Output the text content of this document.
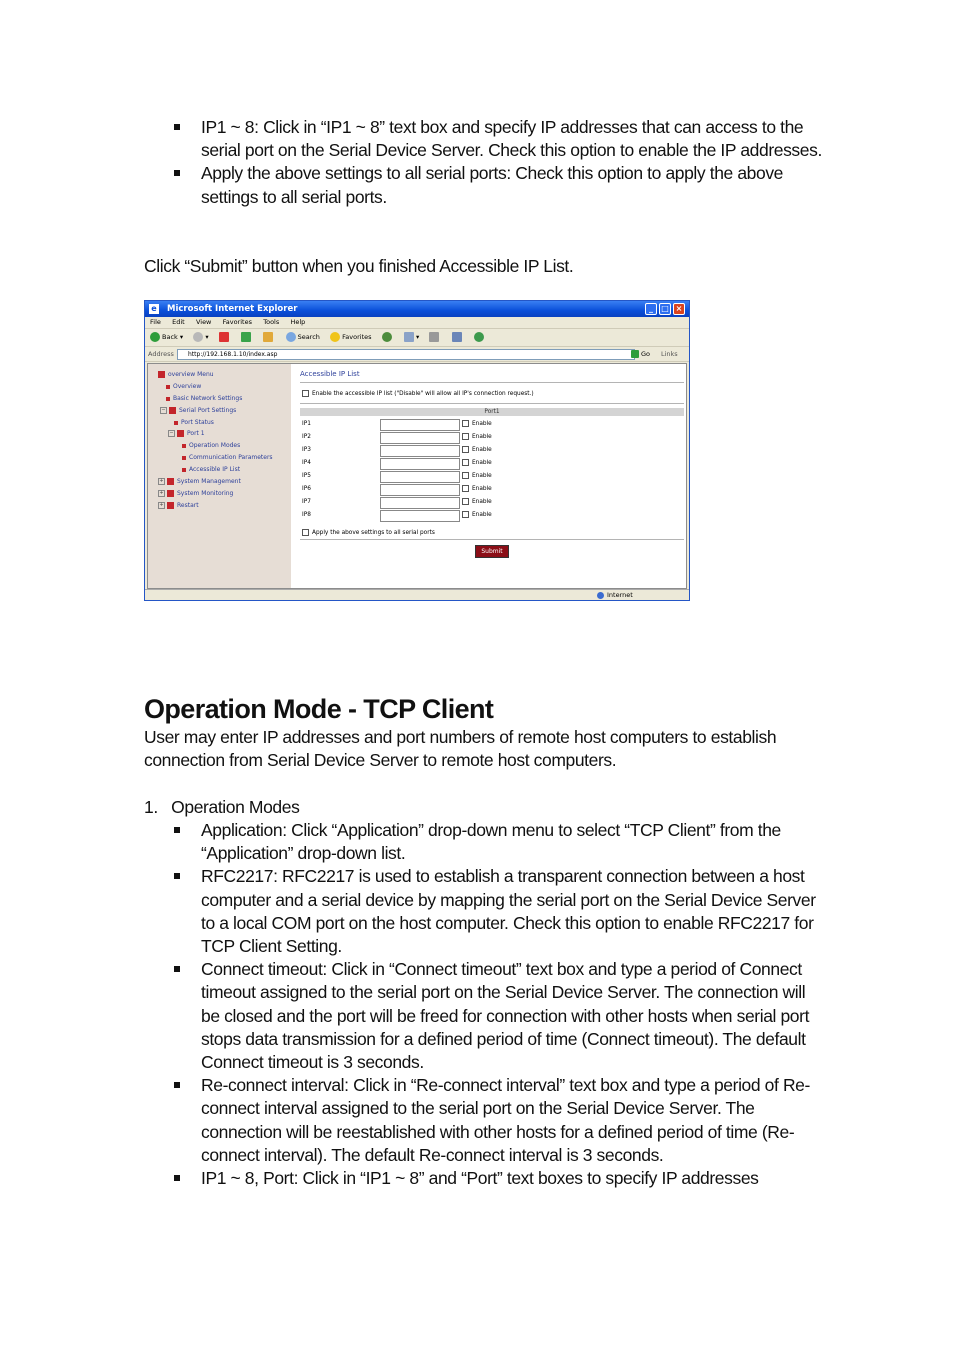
IP1 ~ 8: Click in “IP1 ~ 8” text box and specify IP addresses that can access to the serial port on the Serial Device Server. Check this option to enable the IP addresses.
Apply the above settings to all serial ports: Check this option to apply the above settings to all serial ports.

Click “Submit” button when you finished Accessible IP List.

e Microsoft Internet Explorer	_	□ ×
File Edit View Favorites Tools Help
Back ▾	▾	Search	Favorites	▾
Address	http://192.168.1.10/index.asp	Go Links
overview Menu
Overview
Basic Network Settings
− Serial Port Settings
Port Status
− Port 1
Operation Modes
Communication Parameters
Accessible IP List
+ System Management
+ System Monitoring
+ Restart
Accessible IP List
Enable the accessible IP list ("Disable" will allow all IP's connection request.)
Port1
IP1	Enable
IP2	Enable
IP3	Enable
IP4	Enable
IP5	Enable
IP6	Enable
IP7	Enable
IP8	Enable
Apply the above settings to all serial ports
Submit
Internet
Operation Mode - TCP Client

User may enter IP addresses and port numbers of remote host computers to establish connection from Serial Device Server to remote host computers.

1.   Operation Modes

Application: Click “Application” drop-down menu to select “TCP Client” from the “Application” drop-down list.
RFC2217: RFC2217 is used to establish a transparent connection between a host computer and a serial device by mapping the serial port on the Serial Device Server to a local COM port on the host computer. Check this option to enable RFC2217 for TCP Client Setting.
Connect timeout: Click in “Connect timeout” text box and type a period of Connect timeout assigned to the serial port on the Serial Device Server. The connection will be closed and the port will be freed for connection with other hosts when serial port stops data transmission for a defined period of time (Connect timeout). The default Connect timeout is 3 seconds.
Re-connect interval: Click in “Re-connect interval” text box and type a period of Re-connect interval assigned to the serial port on the Serial Device Server. The connection will be reestablished with other hosts for a defined period of time (Re-connect interval). The default Re-connect interval is 3 seconds.
IP1 ~ 8, Port: Click in “IP1 ~ 8” and “Port” text boxes to specify IP addresses
